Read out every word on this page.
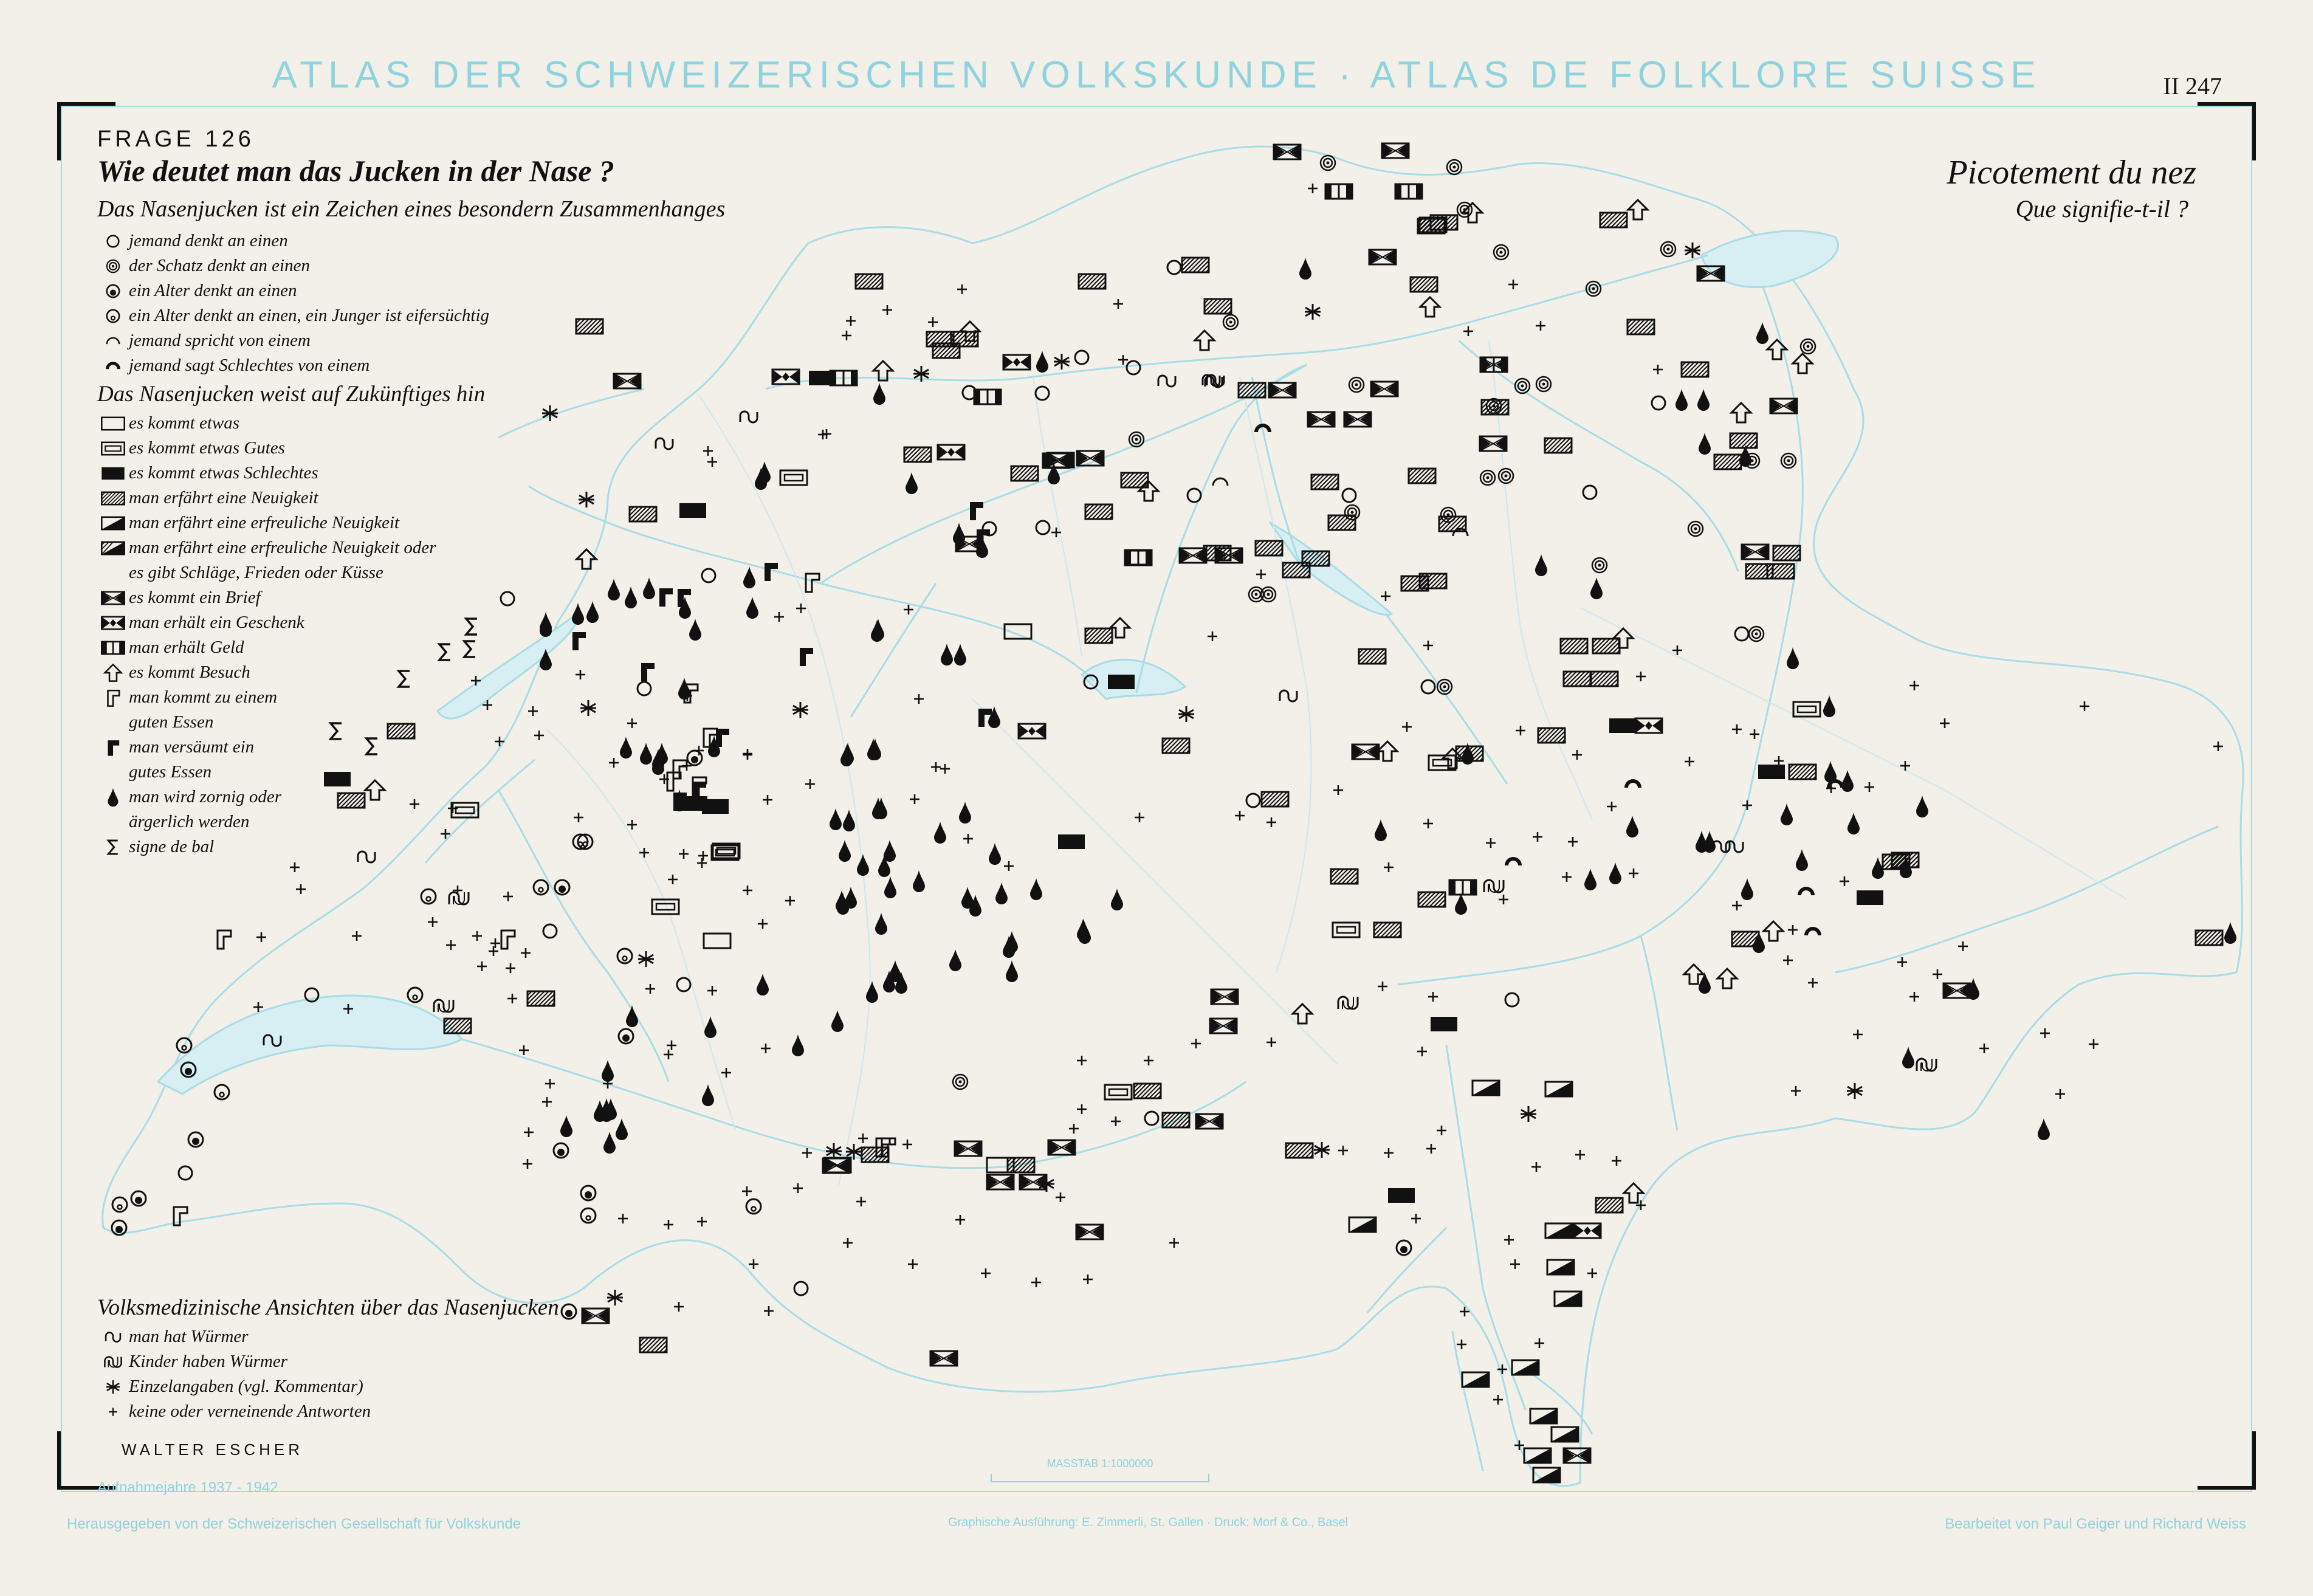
ATLAS DER SCHWEIZERISCHEN VOLKSKUNDE · ATLAS DE FOLKLORE SUISSE	II 247
FRAGE 126
Wie deutet man das Jucken in der Nase ?
Das Nasenjucken ist ein Zeichen eines besondern Zusammenhanges
Picotement du nez
Que signifie-t-il ?
jemand denkt an einen
der Schatz denkt an einen
ein Alter denkt an einen
ein Alter denkt an einen, ein Junger ist eifersüchtig
jemand spricht von einem
jemand sagt Schlechtes von einem
Das Nasenjucken weist auf Zukünftiges hin
es kommt etwas
es kommt etwas Gutes
es kommt etwas Schlechtes
man erfährt eine Neuigkeit
man erfährt eine erfreuliche Neuigkeit
man erfährt eine erfreuliche Neuigkeit oder
es gibt Schläge, Frieden oder Küsse
es kommt ein Brief
man erhält ein Geschenk
man erhält Geld
es kommt Besuch
man kommt zu einem
guten Essen
man versäumt ein
gutes Essen
man wird zornig oder
ärgerlich werden
signe de bal
Volksmedizinische Ansichten über das Nasenjucken
man hat Würmer
Kinder haben Würmer
Einzelangaben (vgl. Kommentar)
keine oder verneinende Antworten
WALTER ESCHER
Aufnahmejahre 1937 - 1942
MASSTAB 1:1000000
Herausgegeben von der Schweizerischen Gesellschaft für Volkskunde	Graphische Ausführung: E. Zimmerli, St. Gallen · Druck: Morf & Co., Basel	Bearbeitet von Paul Geiger und Richard Weiss
